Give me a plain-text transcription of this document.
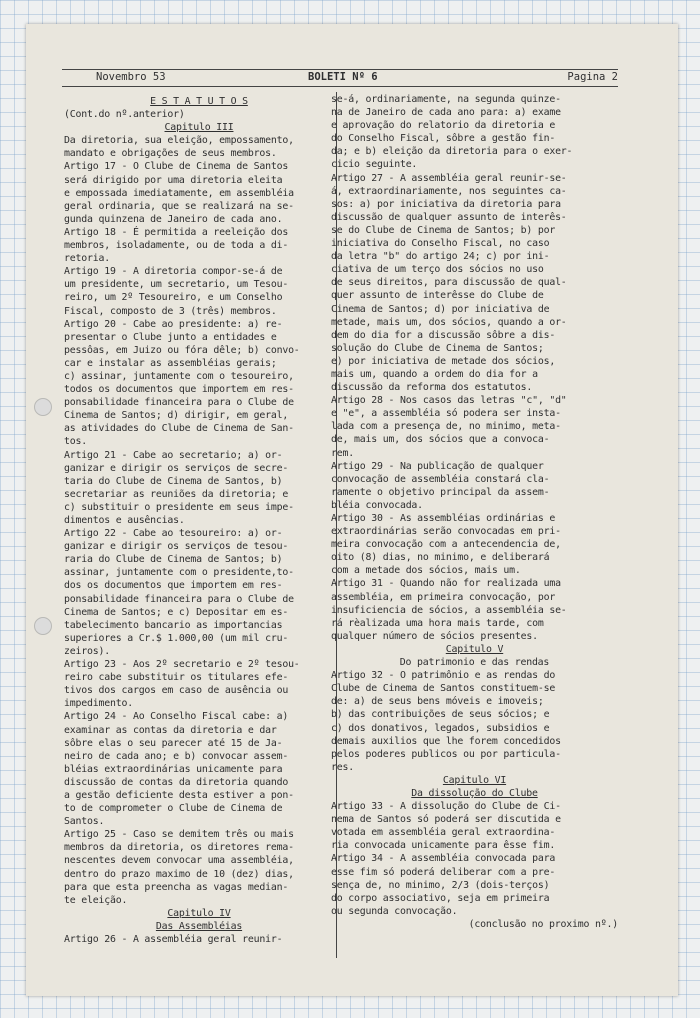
Novembro 53	BOLETI Nº 6	Pagina 2

E S T A T U T O S

(Cont.do nº.anterior)

Capitulo III

Da diretoria, sua eleição, empossamento,

mandato e obrigações de seus membros.

Artigo 17 - O Clube de Cinema de Santos

será dirigido por uma diretoria eleita

e empossada imediatamente, em assembléia

geral ordinaria, que se realizará na se-

gunda quinzena de Janeiro de cada ano.

Artigo 18 - É permitida a reeleição dos

membros, isoladamente, ou de toda a di-

retoria.

Artigo 19 - A diretoria compor-se-á de

um presidente, um secretario, um Tesou-

reiro, um 2º Tesoureiro, e um Conselho

Fiscal, composto de 3 (três) membros.

Artigo 20 - Cabe ao presidente: a) re-

presentar o Clube junto a entidades e

pessôas, em Juizo ou fóra dêle; b) convo-

car e instalar as assembléias gerais;

c) assinar, juntamente com o tesoureiro,

todos os documentos que importem em res-

ponsabilidade financeira para o Clube de

Cinema de Santos; d) dirigir, em geral,

as atividades do Clube de Cinema de San-

tos.

Artigo 21 - Cabe ao secretario; a) or-

ganizar e dirigir os serviços de secre-

taria do Clube de Cinema de Santos, b)

secretariar as reuniões da diretoria; e

c) substituir o presidente em seus impe-

dimentos e ausências.

Artigo 22 - Cabe ao tesoureiro: a) or-

ganizar e dirigir os serviços de tesou-

raria do Clube de Cinema de Santos; b)

assinar, juntamente com o presidente,to-

dos os documentos que importem em res-

ponsabilidade financeira para o Clube de

Cinema de Santos; e c) Depositar em es-

tabelecimento bancario as importancias

superiores a Cr.$ 1.000,00 (um mil cru-

zeiros).

Artigo 23 - Aos 2º secretario e 2º tesou-

reiro cabe substituir os titulares efe-

tivos dos cargos em caso de ausência ou

impedimento.

Artigo 24 - Ao Conselho Fiscal cabe: a)

examinar as contas da diretoria e dar

sôbre elas o seu parecer até 15 de Ja-

neiro de cada ano; e b) convocar assem-

bléias extraordinárias unicamente para

discussão de contas da diretoria quando

a gestão deficiente desta estiver a pon-

to de comprometer o Clube de Cinema de

Santos.

Artigo 25 - Caso se demitem três ou mais

membros da diretoria, os diretores rema-

nescentes devem convocar uma assembléia,

dentro do prazo maximo de 10 (dez) dias,

para que esta preencha as vagas median-

te eleição.

Capitulo IV

Das Assembléias

Artigo 26 - A assembléia geral reunir-

se-á, ordinariamente, na segunda quinze-

na de Janeiro de cada ano para: a) exame

e aprovação do relatorio da diretoria e

do Conselho Fiscal, sôbre a gestão fin-

da; e b) eleição da diretoria para o exer-

cicio seguinte.

Artigo 27 - A assembléia geral reunir-se-

á, extraordinariamente, nos seguintes ca-

sos: a) por iniciativa da diretoria para

discussão de qualquer assunto de interês-

se do Clube de Cinema de Santos; b) por

iniciativa do Conselho Fiscal, no caso

da letra "b" do artigo 24; c) por ini-

ciativa de um terço dos sócios no uso

de seus direitos, para discussão de qual-

quer assunto de interêsse do Clube de

Cinema de Santos; d) por iniciativa de

metade, mais um, dos sócios, quando a or-

dem do dia for a discussão sôbre a dis-

solução do Clube de Cinema de Santos;

e) por iniciativa de metade dos sócios,

mais um, quando a ordem do dia for a

discussão da reforma dos estatutos.

Artigo 28 - Nos casos das letras "c", "d"

e "e", a assembléia só podera ser insta-

lada com a presença de, no minimo, meta-

de, mais um, dos sócios que a convoca-

rem.

Artigo 29 - Na publicação de qualquer

convocação de assembléia constará cla-

ramente o objetivo principal da assem-

bléia convocada.

Artigo 30 - As assembléias ordinárias e

extraordinárias serão convocadas em pri-

meira convocação com a antecendencia de,

oito (8) dias, no minimo, e deliberará

com a metade dos sócios, mais um.

Artigo 31 - Quando não for realizada uma

assembléia, em primeira convocação, por

insuficiencia de sócios, a assembléia se-

rá rèalizada uma hora mais tarde, com

qualquer número de sócios presentes.

Capitulo V

Do patrimonio e das rendas

Artigo 32 - O patrimônio e as rendas do

Clube de Cinema de Santos constituem-se

de: a) de seus bens móveis e imoveis;

b) das contribuições de seus sócios; e

c) dos donativos, legados, subsidios e

demais auxilios que lhe forem concedidos

pelos poderes publicos ou por particula-

res.

Capitulo VI

Da dissolução do Clube

Artigo 33 - A dissolução do Clube de Ci-

nema de Santos só poderá ser discutida e

votada em assembléia geral extraordina-

ria convocada unicamente para êsse fim.

Artigo 34 - A assembléia convocada para

esse fim só poderá deliberar com a pre-

sença de, no minimo, 2/3 (dois-terços)

do corpo associativo, seja em primeira

ou segunda convocação.

(conclusão no proximo nº.)
